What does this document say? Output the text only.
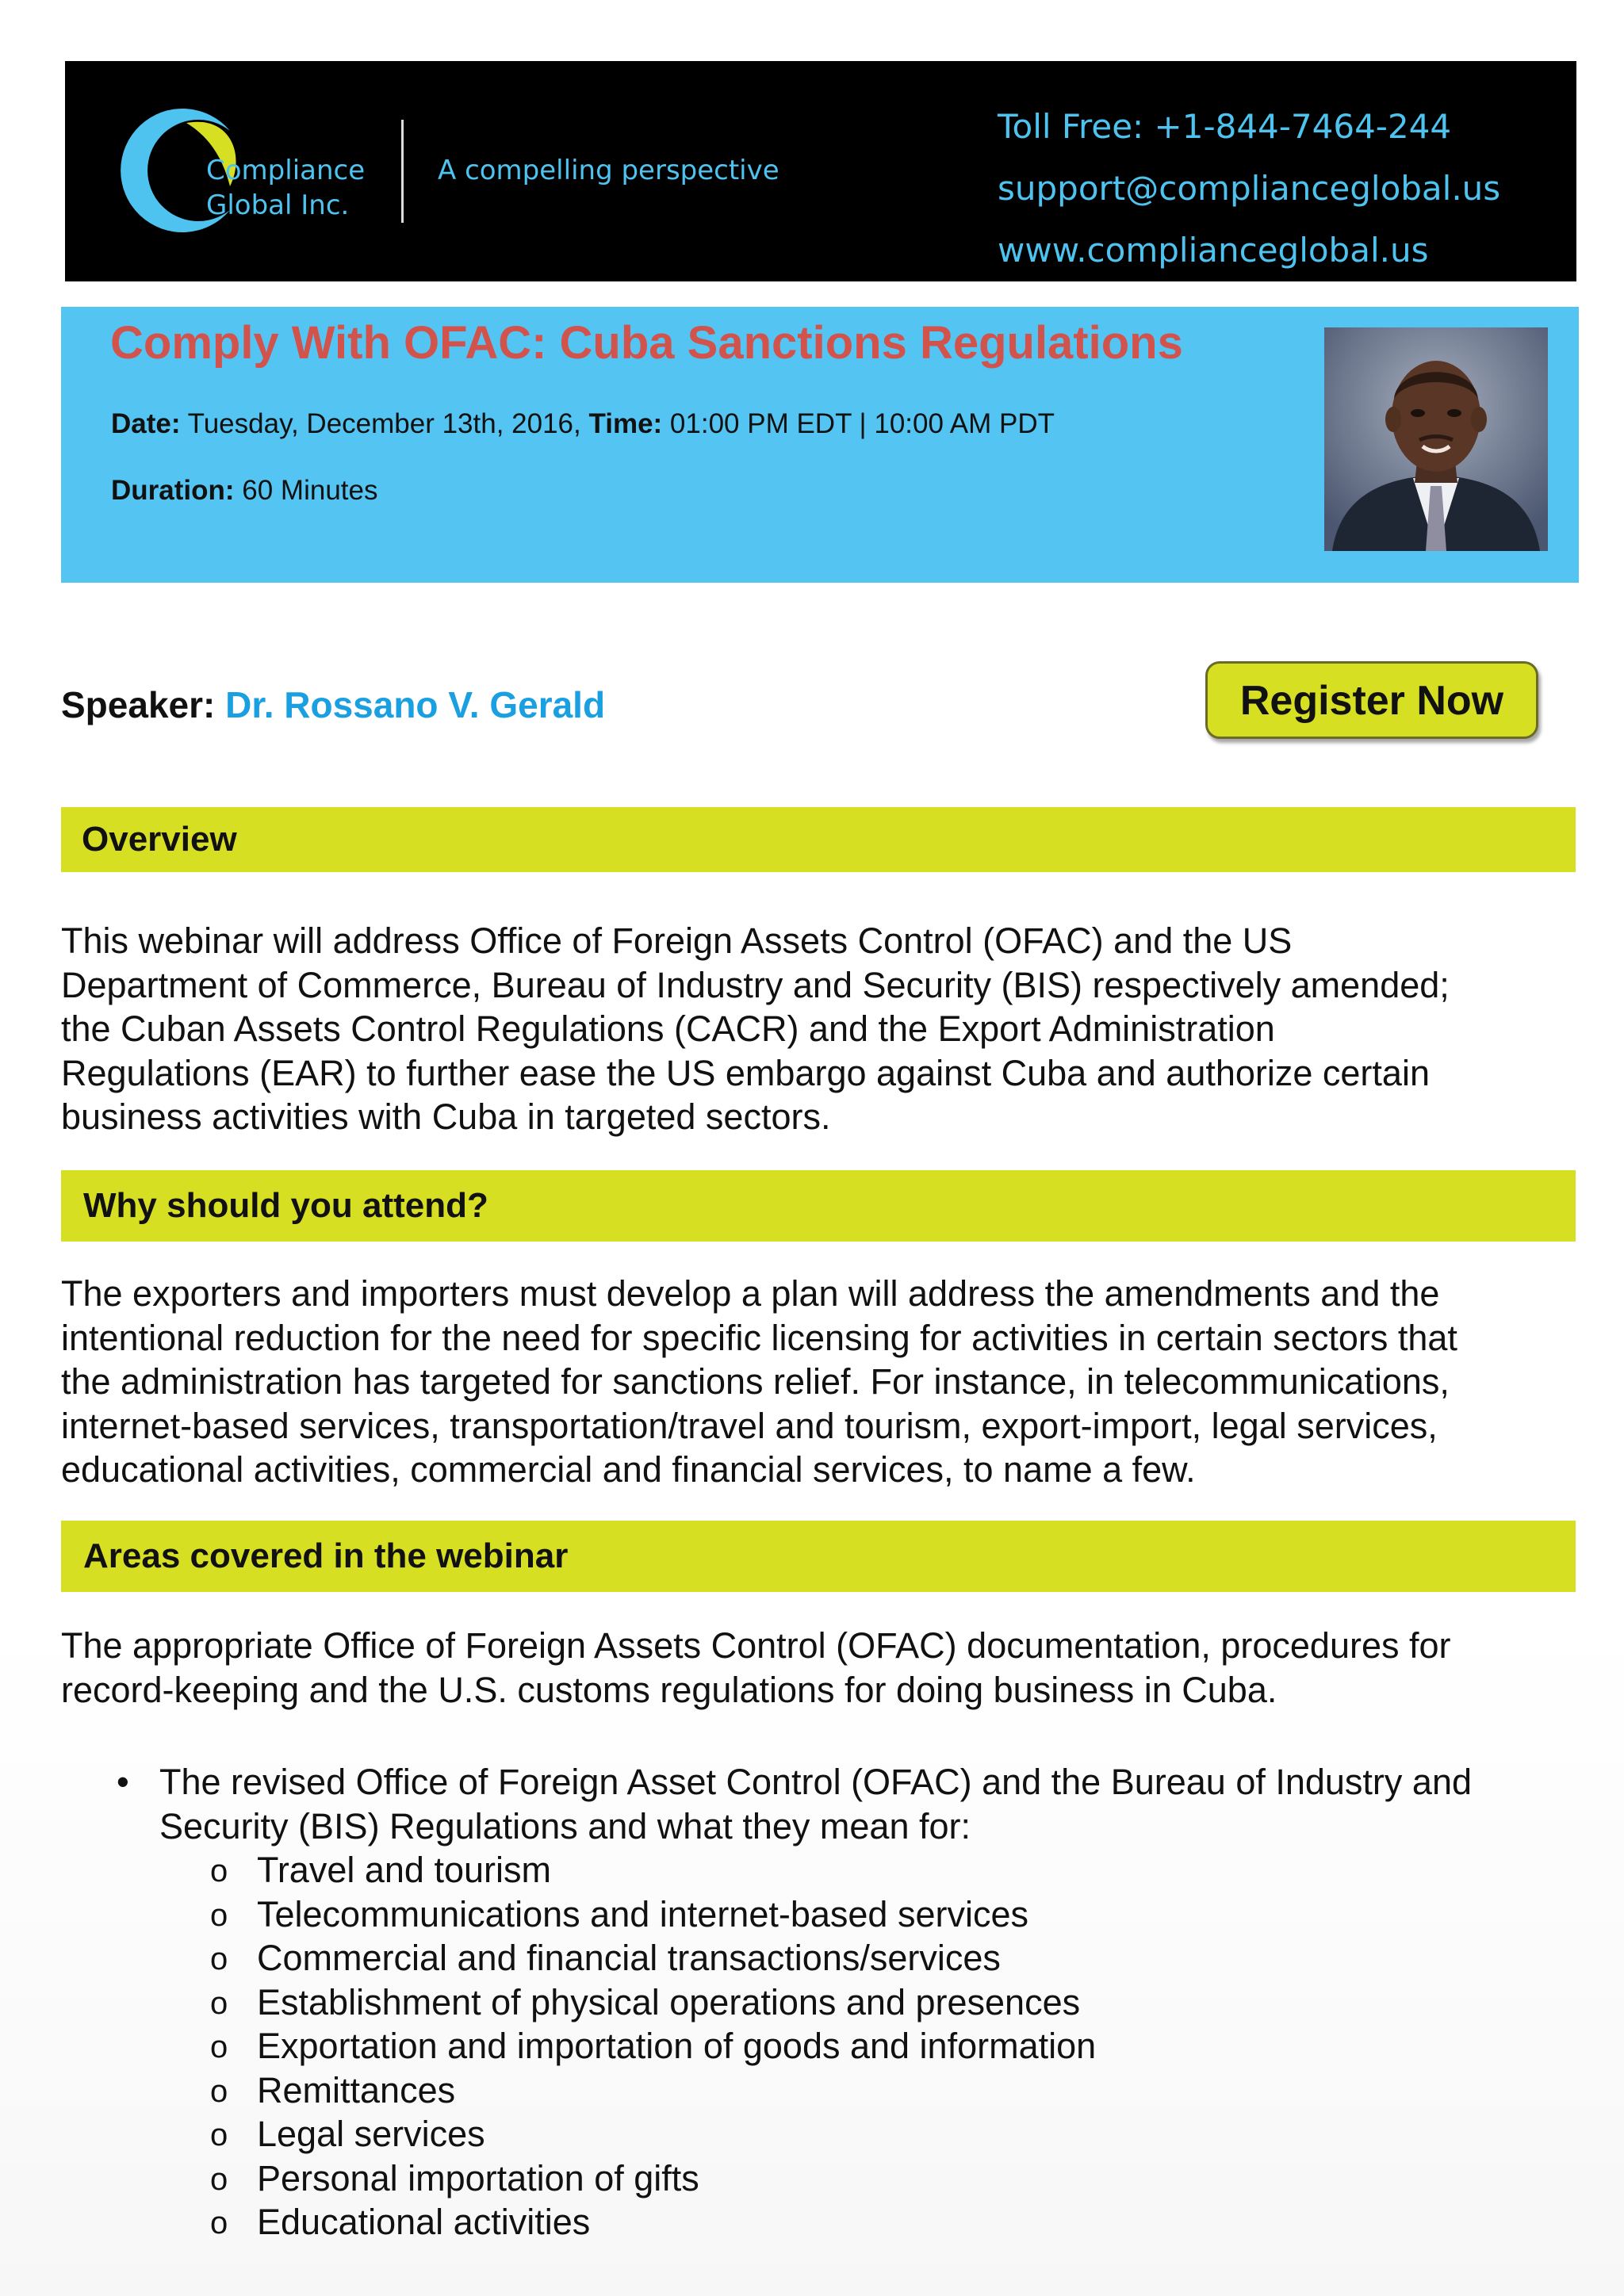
Compliance
Global Inc.
A compelling perspective
Toll Free: +1-844-7464-244
support@complianceglobal.us
www.complianceglobal.us
Comply With OFAC: Cuba Sanctions Regulations
Date: Tuesday, December 13th, 2016, Time: 01:00 PM EDT | 10:00 AM PDT
Duration: 60 Minutes
Speaker: Dr. Rossano V. Gerald	Register Now
Overview
This webinar will address Office of Foreign Assets Control (OFAC) and the US
Department of Commerce, Bureau of Industry and Security (BIS) respectively amended;
the Cuban Assets Control Regulations (CACR) and the Export Administration
Regulations (EAR) to further ease the US embargo against Cuba and authorize certain
business activities with Cuba in targeted sectors.
Why should you attend?
The exporters and importers must develop a plan will address the amendments and the
intentional reduction for the need for specific licensing for activities in certain sectors that
the administration has targeted for sanctions relief. For instance, in telecommunications,
internet-based services, transportation/travel and tourism, export-import, legal services,
educational activities, commercial and financial services, to name a few.
Areas covered in the webinar
The appropriate Office of Foreign Assets Control (OFAC) documentation, procedures for
record-keeping and the U.S. customs regulations for doing business in Cuba.
• The revised Office of Foreign Asset Control (OFAC) and the Bureau of Industry and
Security (BIS) Regulations and what they mean for:
o Travel and tourism
o Telecommunications and internet-based services
o Commercial and financial transactions/services
o Establishment of physical operations and presences
o Exportation and importation of goods and information
o Remittances
o Legal services
o Personal importation of gifts
o Educational activities
